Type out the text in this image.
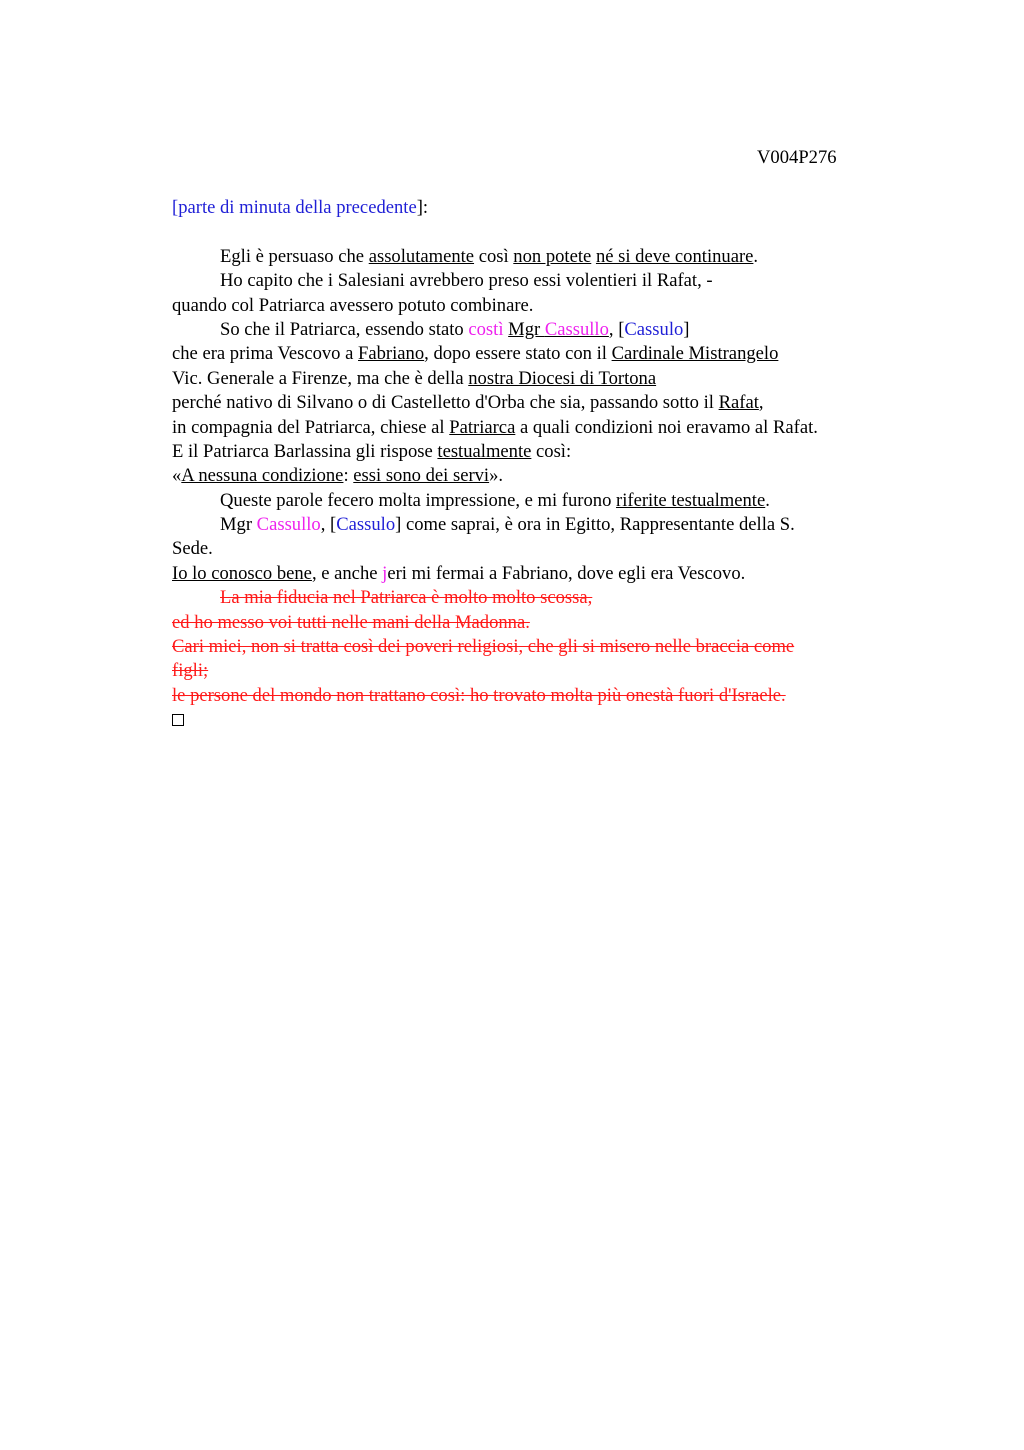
V004P276
[parte di minuta della precedente]:
Egli è persuaso che assolutamente così non potete né si deve continuare.
Ho capito che i Salesiani avrebbero preso essi volentieri il Rafat, -
quando col Patriarca avessero potuto combinare.
So che il Patriarca, essendo stato costì Mgr Cassullo, [Cassulo]
che era prima Vescovo a Fabriano, dopo essere stato con il Cardinale Mistrangelo
Vic. Generale a Firenze, ma che è della nostra Diocesi di Tortona
perché nativo di Silvano o di Castelletto d'Orba che sia, passando sotto il Rafat,
in compagnia del Patriarca, chiese al Patriarca a quali condizioni noi eravamo al Rafat.
E il Patriarca Barlassina gli rispose testualmente così:
«A nessuna condizione: essi sono dei servi».
Queste parole fecero molta impressione, e mi furono riferite testualmente.
Mgr Cassullo, [Cassulo] come saprai, è ora in Egitto, Rappresentante della S.
Sede.
Io lo conosco bene, e anche jeri mi fermai a Fabriano, dove egli era Vescovo.
La mia fiducia nel Patriarca è molto molto scossa,
ed ho messo voi tutti nelle mani della Madonna.
Cari miei, non si tratta così dei poveri religiosi, che gli si misero nelle braccia come
figli;
le persone del mondo non trattano così: ho trovato molta più onestà fuori d'Israele.
